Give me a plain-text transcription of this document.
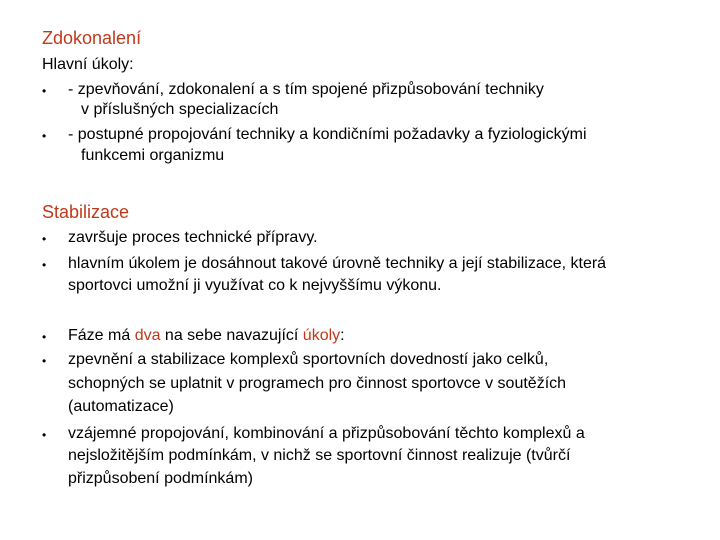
Zdokonalení
Hlavní úkoly:
• - zpevňování, zdokonalení a s tím spojené přizpůsobování techniky
v příslušných specializacích
• - postupné propojování techniky a kondičními požadavky a fyziologickými
funkcemi organizmu
Stabilizace
• završuje proces technické přípravy.
• hlavním úkolem je dosáhnout takové úrovně techniky a její stabilizace, která
sportovci umožní ji využívat co k nejvyššímu výkonu.
• Fáze má dva na sebe navazující úkoly:
• zpevnění a stabilizace komplexů sportovních dovedností jako celků,
schopných se uplatnit v programech pro činnost sportovce v soutěžích
(automatizace)
• vzájemné propojování, kombinování a přizpůsobování těchto komplexů a
nejsložitějším podmínkám, v nichž se sportovní činnost realizuje (tvůrčí
přizpůsobení podmínkám)
